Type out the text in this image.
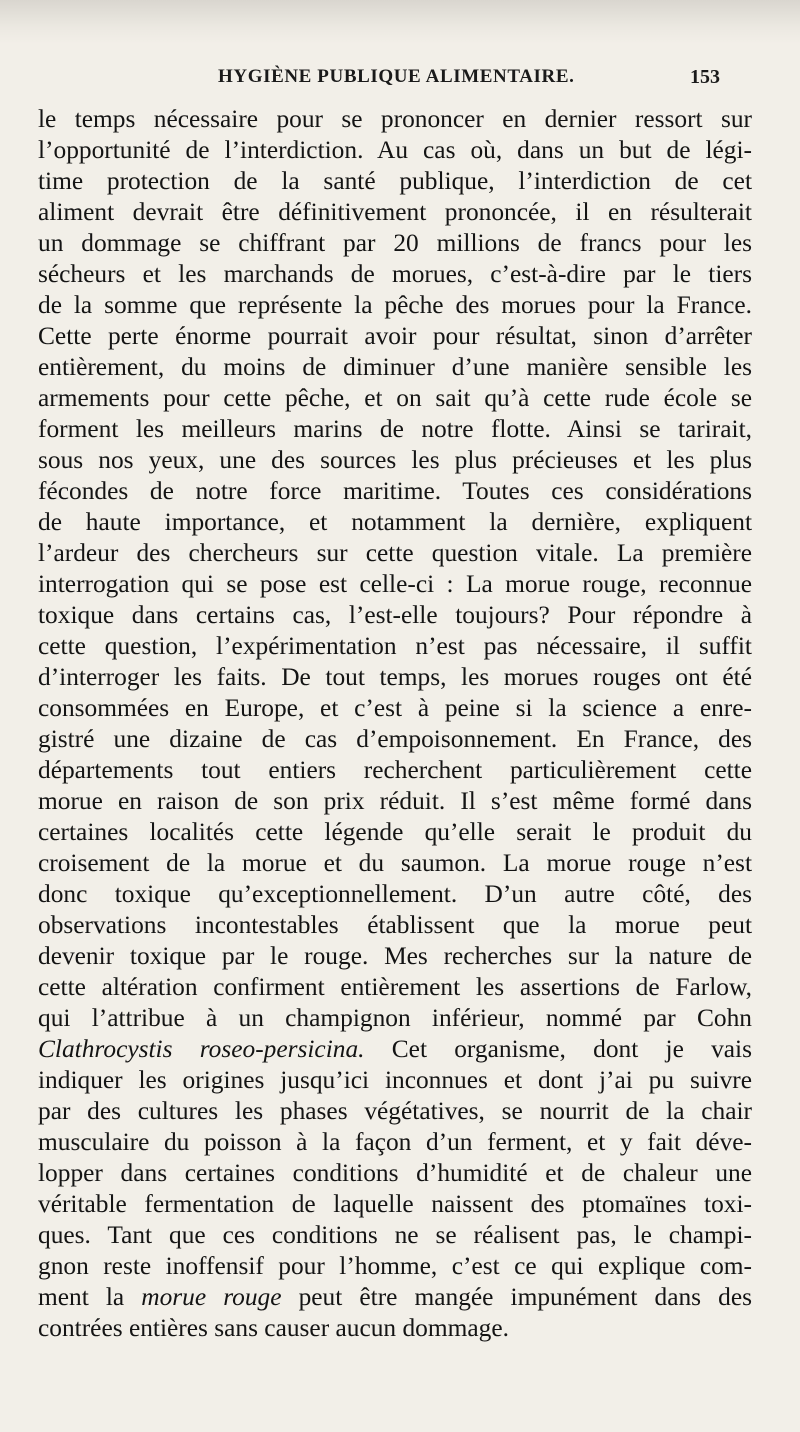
HYGIÈNE PUBLIQUE ALIMENTAIRE.	153
le temps nécessaire pour se prononcer en dernier ressort sur
l’opportunité de l’interdiction. Au cas où, dans un but de légi-
time protection de la santé publique, l’interdiction de cet
aliment devrait être définitivement prononcée, il en résulterait
un dommage se chiffrant par 20 millions de francs pour les
sécheurs et les marchands de morues, c’est-à-dire par le tiers
de la somme que représente la pêche des morues pour la France.
Cette perte énorme pourrait avoir pour résultat, sinon d’arrêter
entièrement, du moins de diminuer d’une manière sensible les
armements pour cette pêche, et on sait qu’à cette rude école se
forment les meilleurs marins de notre flotte. Ainsi se tarirait,
sous nos yeux, une des sources les plus précieuses et les plus
fécondes de notre force maritime. Toutes ces considérations
de haute importance, et notamment la dernière, expliquent
l’ardeur des chercheurs sur cette question vitale. La première
interrogation qui se pose est celle-ci : La morue rouge, reconnue
toxique dans certains cas, l’est-elle toujours? Pour répondre à
cette question, l’expérimentation n’est pas nécessaire, il suffit
d’interroger les faits. De tout temps, les morues rouges ont été
consommées en Europe, et c’est à peine si la science a enre-
gistré une dizaine de cas d’empoisonnement. En France, des
départements tout entiers recherchent particulièrement cette
morue en raison de son prix réduit. Il s’est même formé dans
certaines localités cette légende qu’elle serait le produit du
croisement de la morue et du saumon. La morue rouge n’est
donc toxique qu’exceptionnellement. D’un autre côté, des
observations incontestables établissent que la morue peut
devenir toxique par le rouge. Mes recherches sur la nature de
cette altération confirment entièrement les assertions de Farlow,
qui l’attribue à un champignon inférieur, nommé par Cohn
Clathrocystis roseo-persicina. Cet organisme, dont je vais
indiquer les origines jusqu’ici inconnues et dont j’ai pu suivre
par des cultures les phases végétatives, se nourrit de la chair
musculaire du poisson à la façon d’un ferment, et y fait déve-
lopper dans certaines conditions d’humidité et de chaleur une
véritable fermentation de laquelle naissent des ptomaïnes toxi-
ques. Tant que ces conditions ne se réalisent pas, le champi-
gnon reste inoffensif pour l’homme, c’est ce qui explique com-
ment la morue rouge peut être mangée impunément dans des
contrées entières sans causer aucun dommage.
